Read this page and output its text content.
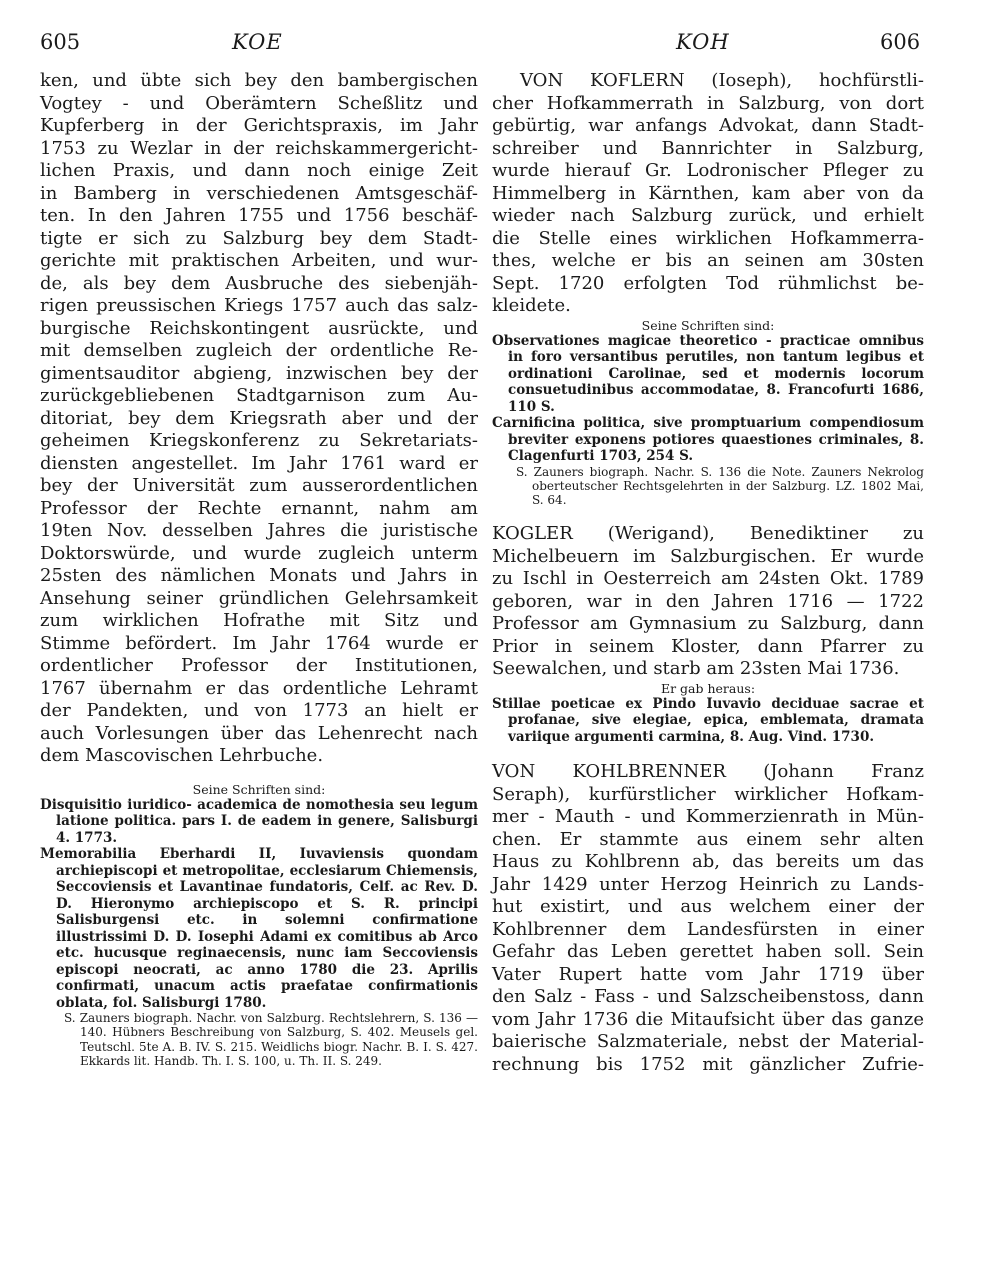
605	KOE	KOH	606

ken, und übte sich bey den bambergischen
Vogtey - und Oberämtern Scheßlitz und
Kupferberg in der Gerichtspraxis, im Jahr
1753 zu Wezlar in der reichskammergericht-
lichen Praxis, und dann noch einige Zeit
in Bamberg in verschiedenen Amtsgeschäf-
ten. In den Jahren 1755 und 1756 beschäf-
tigte er sich zu Salzburg bey dem Stadt-
gerichte mit praktischen Arbeiten, und wur-
de, als bey dem Ausbruche des siebenjäh-
rigen preussischen Kriegs 1757 auch das salz-
burgische Reichskontingent ausrückte, und
mit demselben zugleich der ordentliche Re-
gimentsauditor abgieng, inzwischen bey der
zurückgebliebenen Stadtgarnison zum Au-
ditoriat, bey dem Kriegsrath aber und der
geheimen Kriegskonferenz zu Sekretariats-
diensten angestellet. Im Jahr 1761 ward er
bey der Universität zum ausserordentlichen
Professor der Rechte ernannt, nahm am
19ten Nov. desselben Jahres die juristische
Doktorswürde, und wurde zugleich unterm
25sten des nämlichen Monats und Jahrs in
Ansehung seiner gründlichen Gelehrsamkeit
zum wirklichen Hofrathe mit Sitz und
Stimme befördert. Im Jahr 1764 wurde er
ordentlicher Professor der Institutionen,
1767 übernahm er das ordentliche Lehramt
der Pandekten, und von 1773 an hielt er
auch Vorlesungen über das Lehenrecht nach
dem Mascovischen Lehrbuche.

Seine Schriften sind:

Disquisitio iuridico- academica de nomothesia seu legum latione politica. pars I. de eadem in genere, Salisburgi 4. 1773.

Memorabilia Eberhardi II, Iuvaviensis quondam archiepiscopi et metropolitae, ecclesiarum Chiemensis, Seccoviensis et Lavantinae fundatoris, Celf. ac Rev. D. D. Hieronymo archiepiscopo et S. R. principi Salisburgensi etc. in solemni confirmatione illustrissimi D. D. Iosephi Adami ex comitibus ab Arco etc. hucusque reginaecensis, nunc iam Seccoviensis episcopi neocrati, ac anno 1780 die 23. Aprilis confirmati, unacum actis praefatae confirmationis oblata, fol. Salisburgi 1780.

S. Zauners biograph. Nachr. von Salzburg. Rechtslehrern, S. 136 — 140. Hübners Beschreibung von Salzburg, S. 402. Meusels gel. Teutschl. 5te A. B. IV. S. 215. Weidlichs biogr. Nachr. B. I. S. 427. Ekkards lit. Handb. Th. I. S. 100, u. Th. II. S. 249.

VON KOFLERN (Ioseph), hochfürstli-
cher Hofkammerrath in Salzburg, von dort
gebürtig, war anfangs Advokat, dann Stadt-
schreiber und Bannrichter in Salzburg,
wurde hierauf Gr. Lodronischer Pfleger zu
Himmelberg in Kärnthen, kam aber von da
wieder nach Salzburg zurück, und erhielt
die Stelle eines wirklichen Hofkammerra-
thes, welche er bis an seinen am 30sten
Sept. 1720 erfolgten Tod rühmlichst be-
kleidete.

Seine Schriften sind:

Observationes magicae theoretico - practicae omnibus in foro versantibus perutiles, non tantum legibus et ordinationi Carolinae, sed et modernis locorum consuetudinibus accommodatae, 8. Francofurti 1686, 110 S.

Carnificina politica, sive promptuarium compendiosum breviter exponens potiores quaestiones criminales, 8. Clagenfurti 1703, 254 S.

S. Zauners biograph. Nachr. S. 136 die Note. Zauners Nekrolog oberteutscher Rechtsgelehrten in der Salzburg. LZ. 1802 Mai, S. 64.

KOGLER (Werigand), Benediktiner zu
Michelbeuern im Salzburgischen. Er wurde
zu Ischl in Oesterreich am 24sten Okt. 1789
geboren, war in den Jahren 1716 — 1722
Professor am Gymnasium zu Salzburg, dann
Prior in seinem Kloster, dann Pfarrer zu
Seewalchen, und starb am 23sten Mai 1736.

Er gab heraus:

Stillae poeticae ex Pindo Iuvavio deciduae sacrae et profanae, sive elegiae, epica, emblemata, dramata variique argumenti carmina, 8. Aug. Vind. 1730.

VON KOHLBRENNER (Johann Franz
Seraph), kurfürstlicher wirklicher Hofkam-
mer - Mauth - und Kommerzienrath in Mün-
chen. Er stammte aus einem sehr alten
Haus zu Kohlbrenn ab, das bereits um das
Jahr 1429 unter Herzog Heinrich zu Lands-
hut existirt, und aus welchem einer der
Kohlbrenner dem Landesfürsten in einer
Gefahr das Leben gerettet haben soll. Sein
Vater Rupert hatte vom Jahr 1719 über
den Salz - Fass - und Salzscheibenstoss, dann
vom Jahr 1736 die Mitaufsicht über das ganze
baierische Salzmateriale, nebst der Material-
rechnung bis 1752 mit gänzlicher Zufrie-
